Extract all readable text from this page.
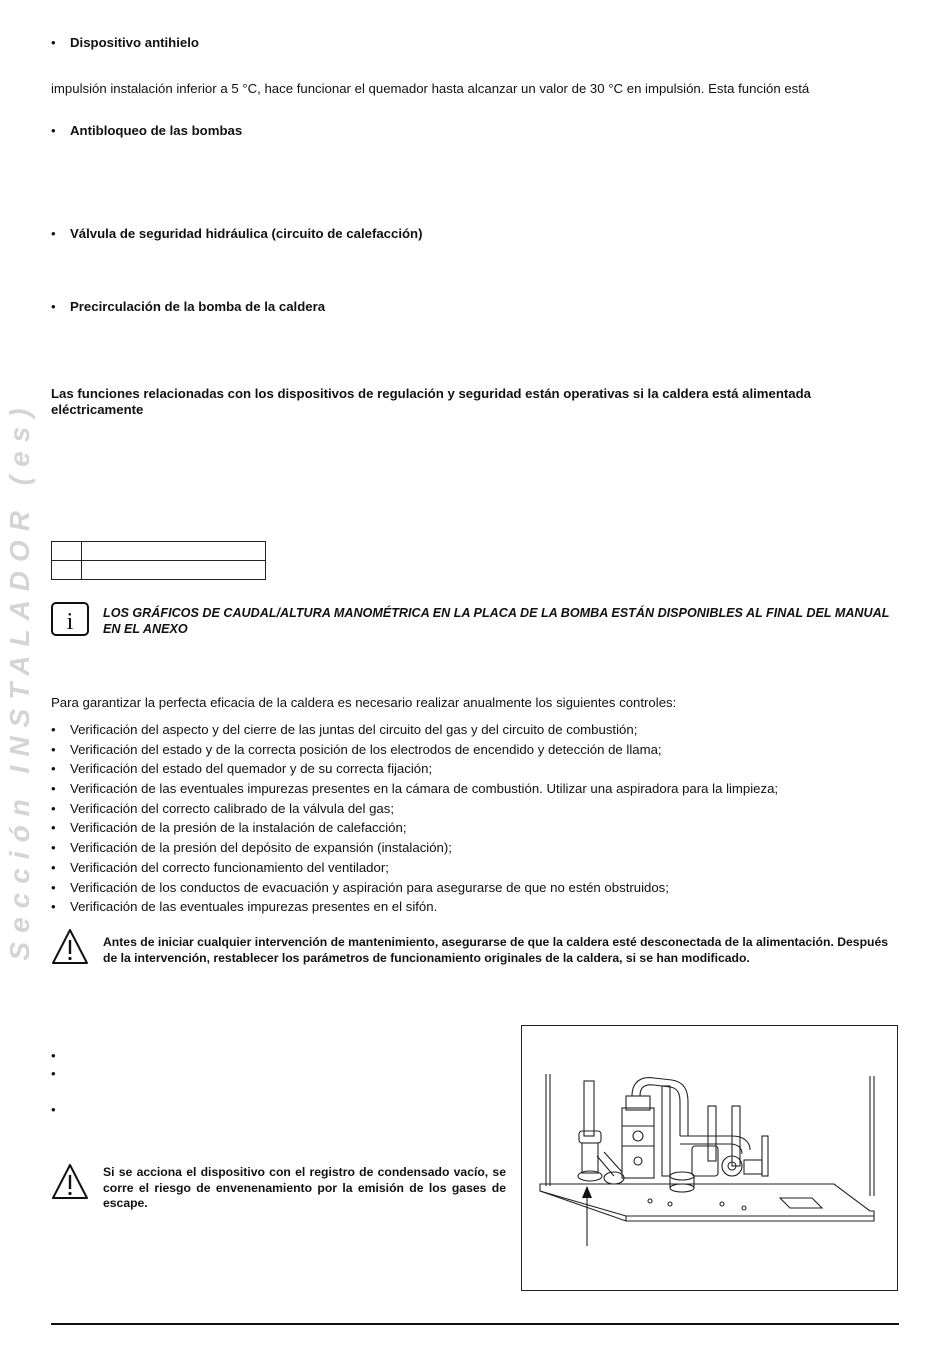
Sección INSTALADOR (es)
• Dispositivo antihielo
impulsión instalación inferior a 5 °C, hace funcionar el quemador hasta alcanzar un valor de 30 °C en impulsión. Esta función está
• Antibloqueo de las bombas
• Válvula de seguridad hidráulica (circuito de calefacción)
• Precirculación de la bomba de la caldera
Las funciones relacionadas con los dispositivos de regulación y seguridad están operativas si la caldera está alimentada eléctricamente

i LOS GRÁFICOS DE CAUDAL/ALTURA MANOMÉTRICA EN LA PLACA DE LA BOMBA ESTÁN DISPONIBLES AL FINAL DEL MANUAL EN EL ANEXO
Para garantizar la perfecta eficacia de la caldera es necesario realizar anualmente los siguientes controles:
• Verificación del aspecto y del cierre de las juntas del circuito del gas y del circuito de combustión;
• Verificación del estado y de la correcta posición de los electrodos de encendido y detección de llama;
• Verificación del estado del quemador y de su correcta fijación;
• Verificación de las eventuales impurezas presentes en la cámara de combustión. Utilizar una aspiradora para la limpieza;
• Verificación del correcto calibrado de la válvula del gas;
• Verificación de la presión de la instalación de calefacción;
• Verificación de la presión del depósito de expansión (instalación);
• Verificación del correcto funcionamiento del ventilador;
• Verificación de los conductos de evacuación y aspiración para asegurarse de que no estén obstruidos;
• Verificación de las eventuales impurezas presentes en el sifón.
Antes de iniciar cualquier intervención de mantenimiento, asegurarse de que la caldera esté desconectada de la alimentación. Después de la intervención, restablecer los parámetros de funcionamiento originales de la caldera, si se han modificado.
Si se acciona el dispositivo con el registro de condensado vacío, se corre el riesgo de envenenamiento por la emisión de los gases de escape.
